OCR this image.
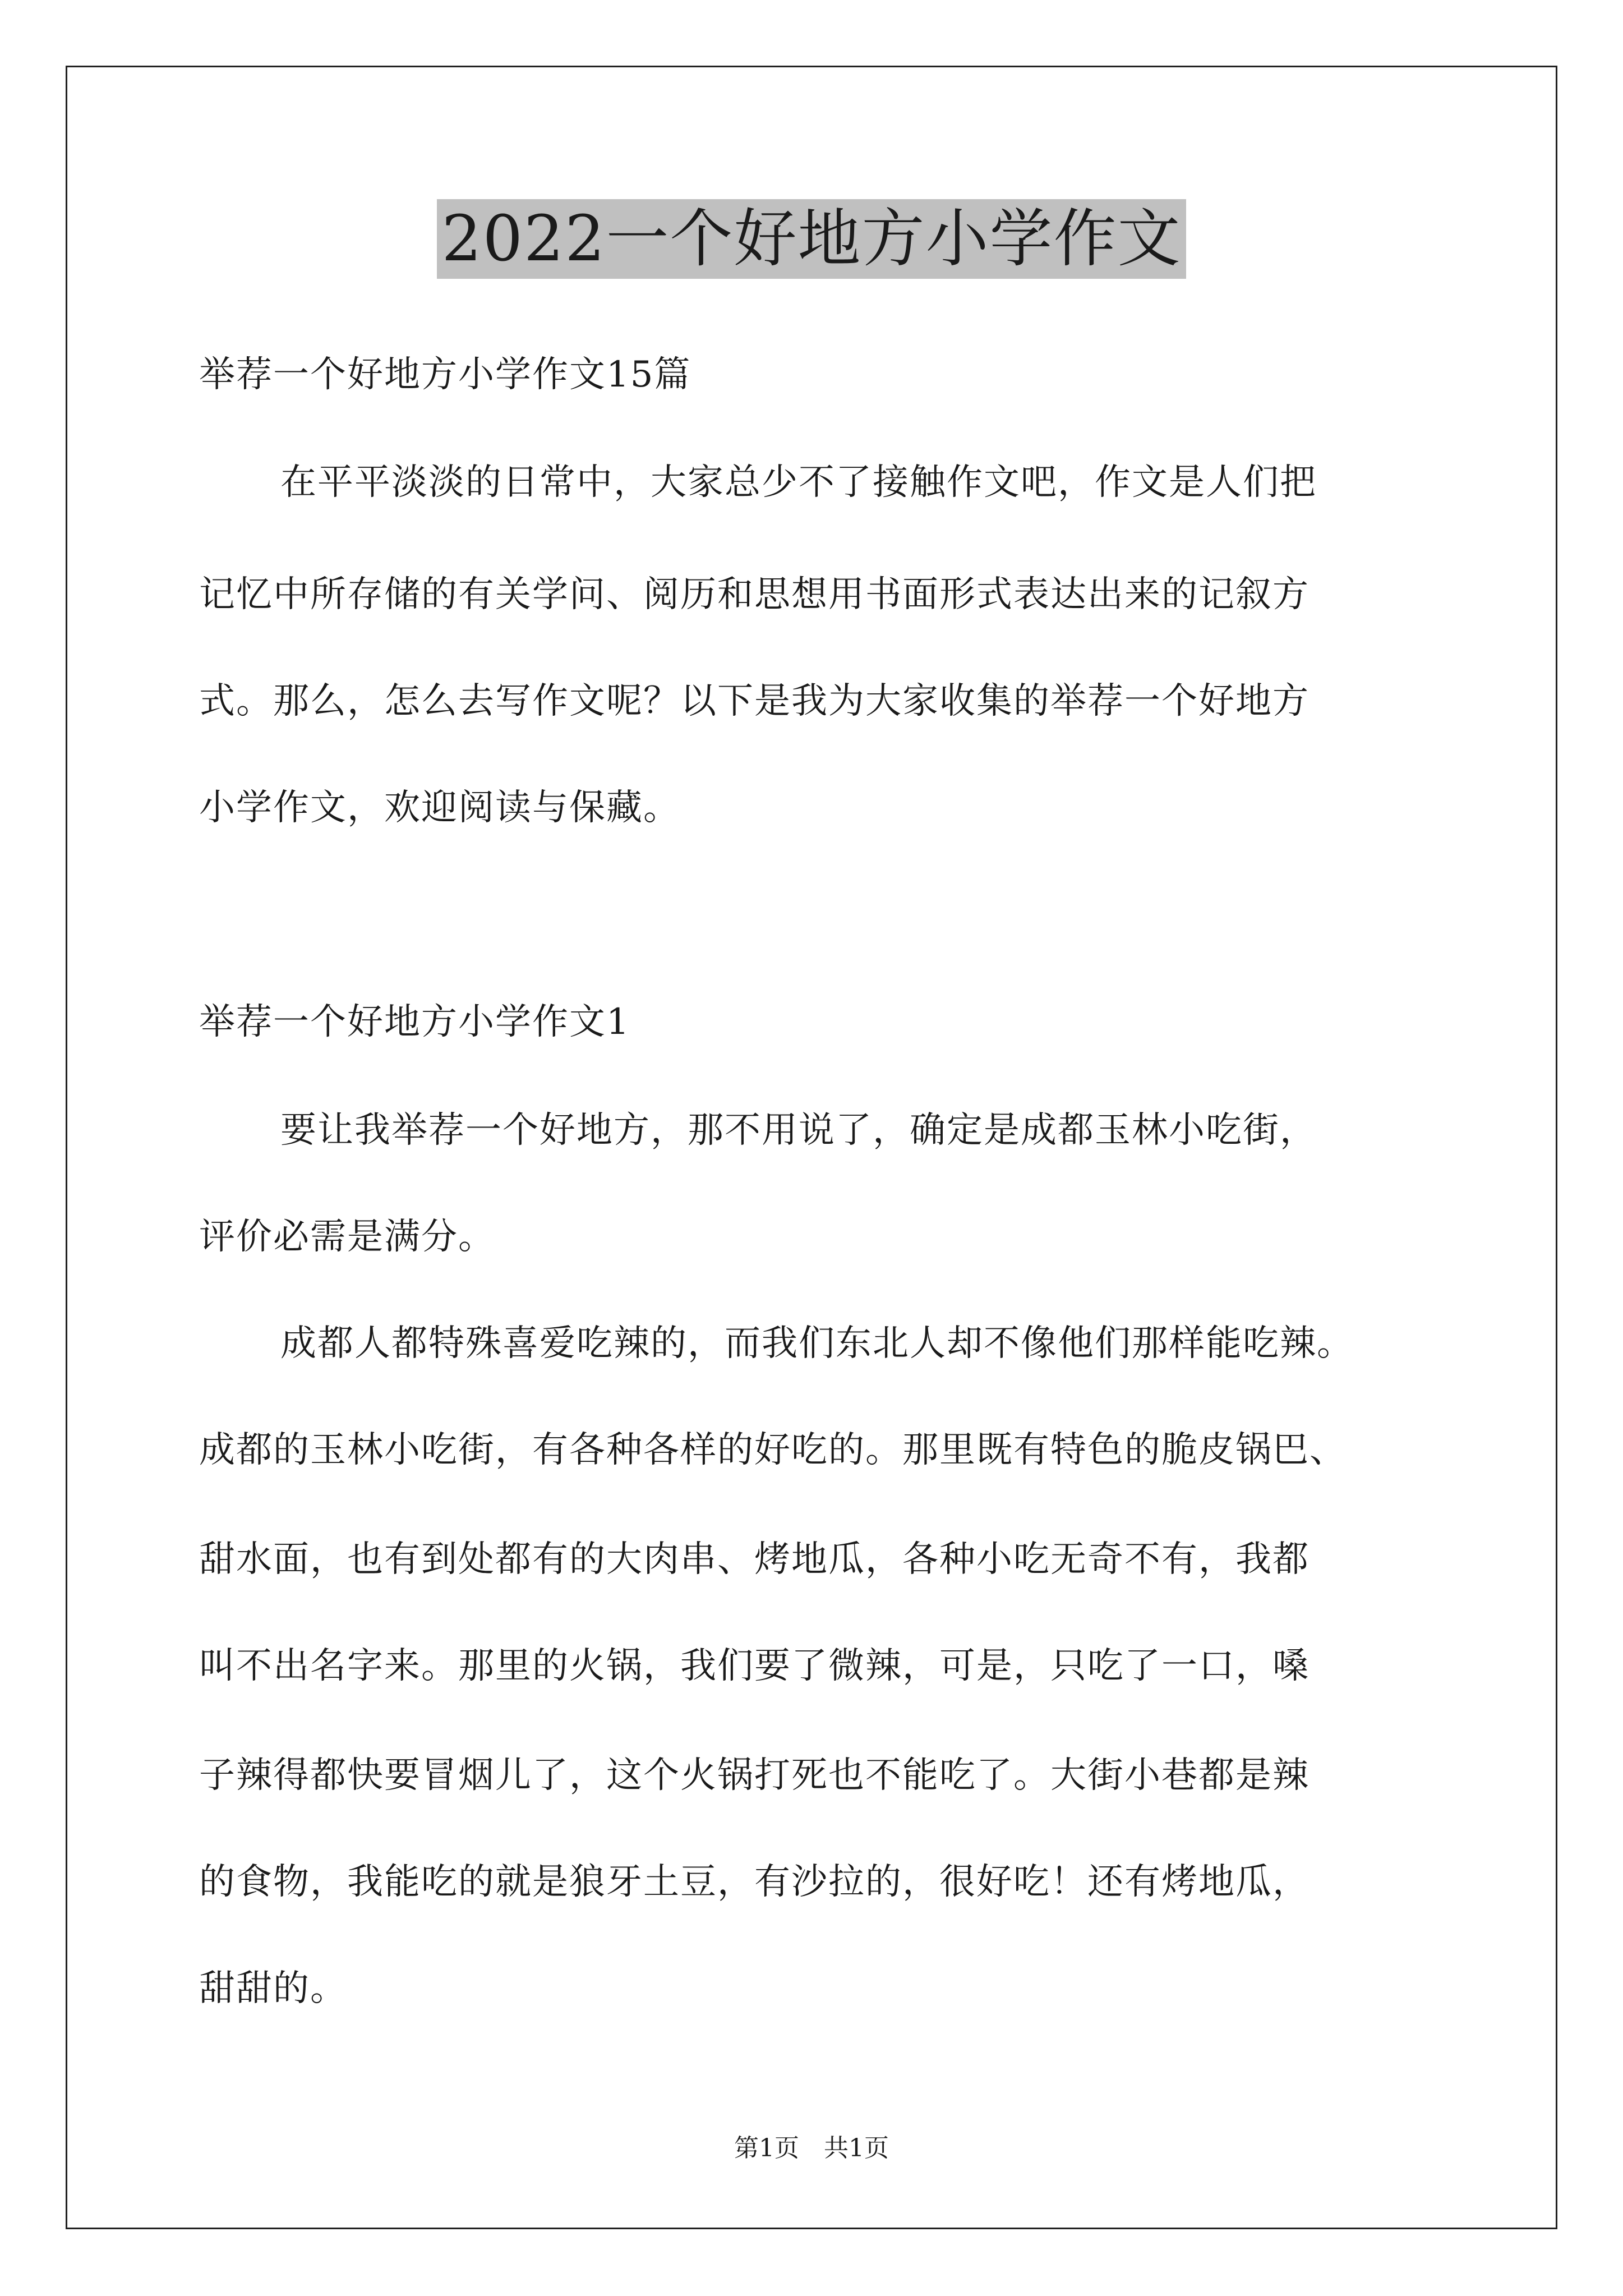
2022一个好地方小学作文
举荐一个好地方小学作文15篇
在平平淡淡的日常中，大家总少不了接触作文吧，作文是人们把
记忆中所存储的有关学问、阅历和思想用书面形式表达出来的记叙方
式。那么，怎么去写作文呢？以下是我为大家收集的举荐一个好地方
小学作文，欢迎阅读与保藏。
举荐一个好地方小学作文1
要让我举荐一个好地方，那不用说了，确定是成都玉林小吃街，
评价必需是满分。
成都人都特殊喜爱吃辣的，而我们东北人却不像他们那样能吃辣。
成都的玉林小吃街，有各种各样的好吃的。那里既有特色的脆皮锅巴、
甜水面，也有到处都有的大肉串、烤地瓜，各种小吃无奇不有，我都
叫不出名字来。那里的火锅，我们要了微辣，可是，只吃了一口，嗓
子辣得都快要冒烟儿了，这个火锅打死也不能吃了。大街小巷都是辣
的食物，我能吃的就是狼牙土豆，有沙拉的，很好吃！还有烤地瓜，
甜甜的。
第1页　共1页
